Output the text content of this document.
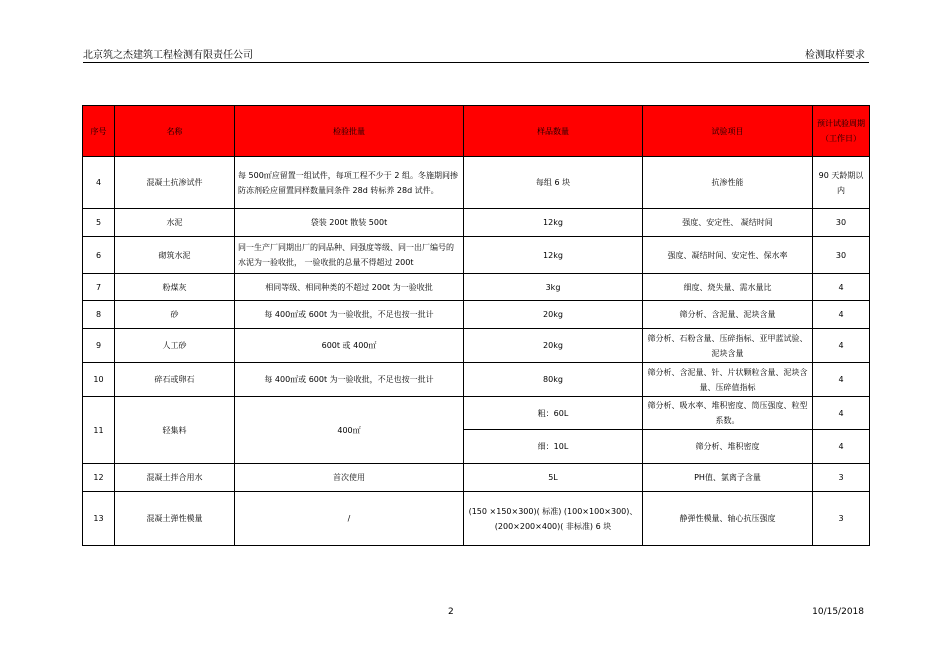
北京筑之杰建筑工程检测有限责任公司	检测取样要求
序号	名称	检验批量	样品数量	试验项目	预计试验周期（工作日）
4	混凝土抗渗试件	每 500㎡应留置一组试件，每项工程不少于 2 组。冬施期间掺防冻剂砼应留置同样数量同条件 28d 转标养 28d 试件。	每组 6 块	抗渗性能	90 天龄期以内
5	水泥	袋装 200t 散装 500t	12kg	强度、安定性、 凝结时间	30
6	砌筑水泥	同一生产厂同期出厂的同品种、同强度等级、同一出厂编号的水泥为一验收批， 一验收批的总量不得超过 200t	12kg	强度、凝结时间、安定性、保水率	30
7	粉煤灰	相同等级、相同种类的不超过 200t 为一验收批	3kg	细度、烧失量、需水量比	4
8	砂	每 400㎡或 600t 为一验收批，不足也按一批计	20kg	筛分析、含泥量、泥块含量	4
9	人工砂	600t 或 400㎡	20kg	筛分析、石粉含量、压碎指标、亚甲蓝试验、泥块含量	4
10	碎石或卵石	每 400㎡或 600t 为一验收批，不足也按一批计	80kg	筛分析、含泥量、针、片状颗粒含量、泥块含量、压碎值指标	4
11	轻集料	400㎡	粗：60L	筛分析、吸水率、堆积密度、筒压强度、粒型系数。	4
			细：10L	筛分析、堆积密度	4
12	混凝土拌合用水	首次使用	5L	PH值、氯离子含量	3
13	混凝土弹性模量	/	(150 ×150×300)( 标准) (100×100×300)、(200×200×400)( 非标准) 6 块	静弹性模量、轴心抗压强度	3
2	10/15/2018
